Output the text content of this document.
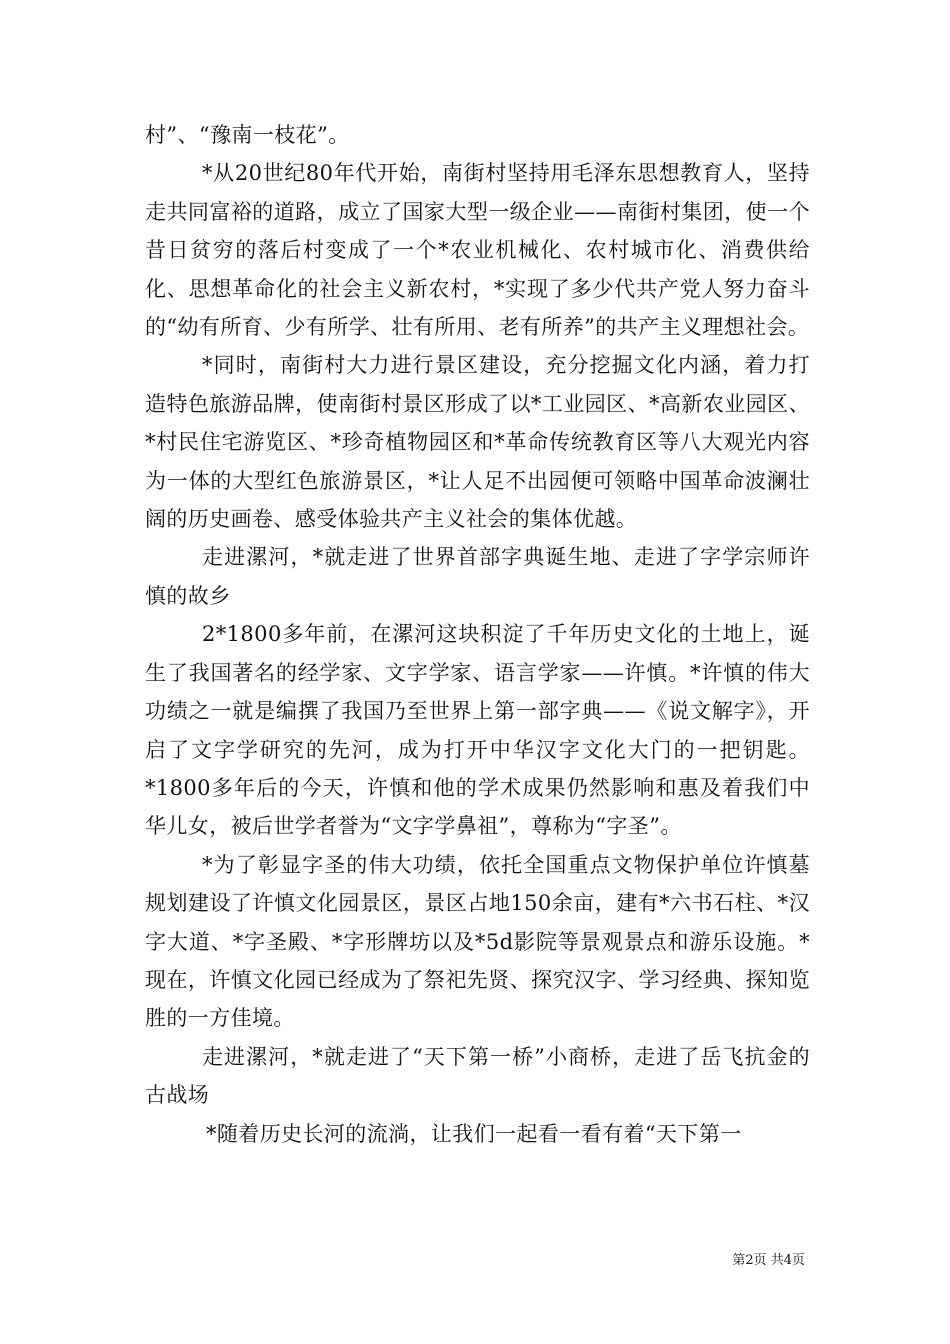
村”、“豫南一枝花”。

*从20世纪80年代开始，南街村坚持用毛泽东思想教育人，坚持走共同富裕的道路，成立了国家大型一级企业——南街村集团，使一个昔日贫穷的落后村变成了一个*农业机械化、农村城市化、消费供给化、思想革命化的社会主义新农村，*实现了多少代共产党人努力奋斗的“幼有所育、少有所学、壮有所用、老有所养”的共产主义理想社会。

*同时，南街村大力进行景区建设，充分挖掘文化内涵，着力打造特色旅游品牌，使南街村景区形成了以*工业园区、*高新农业园区、*村民住宅游览区、*珍奇植物园区和*革命传统教育区等八大观光内容为一体的大型红色旅游景区，*让人足不出园便可领略中国革命波澜壮阔的历史画卷、感受体验共产主义社会的集体优越。

走进漯河，*就走进了世界首部字典诞生地、走进了字学宗师许慎的故乡

2*1800多年前，在漯河这块积淀了千年历史文化的土地上，诞生了我国著名的经学家、文字学家、语言学家——许慎。*许慎的伟大功绩之一就是编撰了我国乃至世界上第一部字典——《说文解字》，开启了文字学研究的先河，成为打开中华汉字文化大门的一把钥匙。*1800多年后的今天，许慎和他的学术成果仍然影响和惠及着我们中华儿女，被后世学者誉为“文字学鼻祖”，尊称为“字圣”。

*为了彰显字圣的伟大功绩，依托全国重点文物保护单位许慎墓规划建设了许慎文化园景区，景区占地150余亩，建有*六书石柱、*汉字大道、*字圣殿、*字形牌坊以及*5d影院等景观景点和游乐设施。*现在，许慎文化园已经成为了祭祀先贤、探究汉字、学习经典、探知览胜的一方佳境。

走进漯河，*就走进了“天下第一桥”小商桥，走进了岳飞抗金的古战场

*随着历史长河的流淌，让我们一起看一看有着“天下第一

第2页 共4页
